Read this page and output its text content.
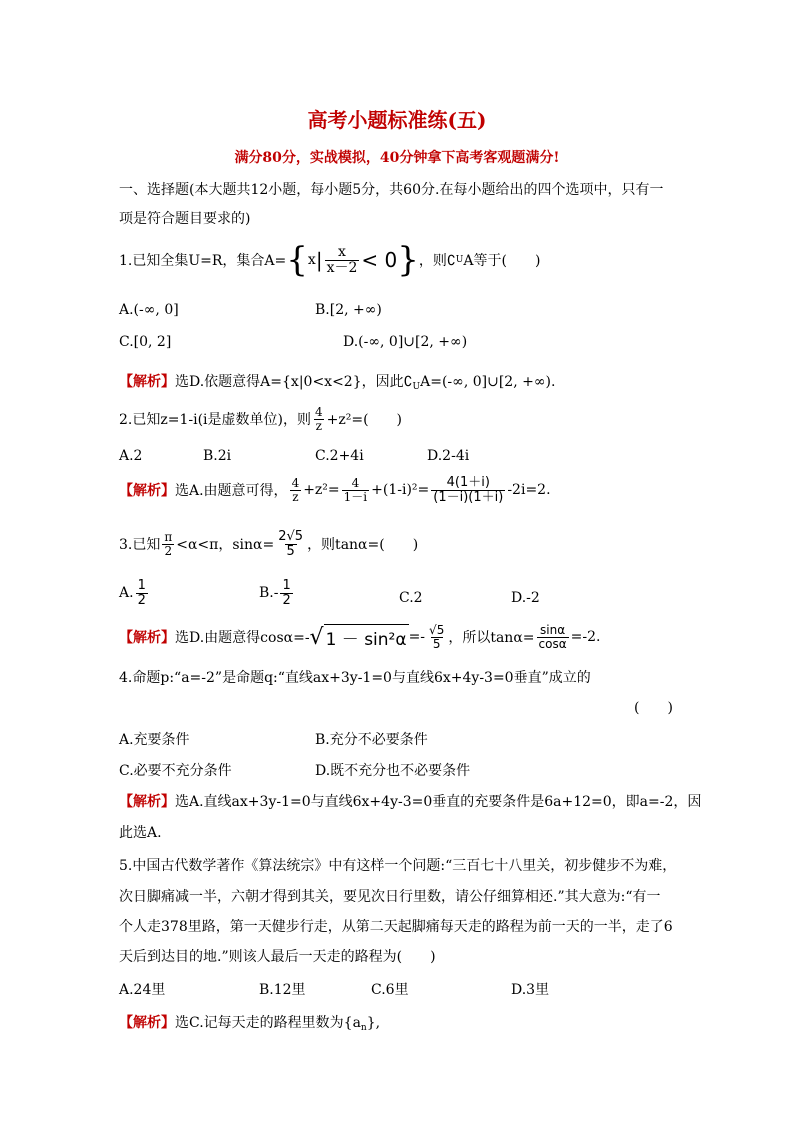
高考小题标准练(五)
满分80分，实战模拟，40分钟拿下高考客观题满分!
一、选择题(本大题共12小题，每小题5分，共60分.在每小题给出的四个选项中，只有一
项是符合题目要求的)
1.已知全集U=R，集合A= { x | $\frac{x}{x-2} < 0$ } ，则∁ U A等于(　　)
A.(-∞, 0]	B.[2, +∞)
C.[0, 2]	D.(-∞, 0]∪[2, +∞)
【解析】选D.依题意得A={x|0<x<2}，因此$∁_UA=(-\infty$, 0]∪[2, +∞).
2.已知z=1-i(i是虚数单位)，则 $\frac{4}{z} +z^2=$(　　)
A.2	B.2i	C.2+4i	D.2-4i
【解析】 选A.由题意可得， $\frac{4}{z} +z^2= \frac{4}{1-i} +(1-i)^2= \frac{4(1+i)}{(1-i)(1+i)} -2i=2$.
3.已知 $\frac{\pi}{2} <\alpha<\pi$，$\sin\alpha= \frac{2√5}{5}$ ，则tanα=(　　)
A. $\frac{1}{2}$	$B.- \frac{1}{2}$	C.2	D.-2
【解析】 选D.由题意得cosα=- √ $1 - \sin^2\alpha =- \frac{√5}{5}$ ，所以$\tan\alpha= \frac{\sin\alpha}{\cos\alpha} =-2$.
4.命题p:“a=-2”是命题q:“直线ax+3y-1=0与直线6x+4y-3=0垂直”成立的
(　　)
A.充要条件	B.充分不必要条件
C.必要不充分条件	D.既不充分也不必要条件
【解析】选A.直线ax+3y-1=0与直线6x+4y-3=0垂直的充要条件是6a+12=0，即a=-2，因
此选A.
5.中国古代数学著作《算法统宗》中有这样一个问题:“三百七十八里关，初步健步不为难，
次日脚痛减一半，六朝才得到其关，要见次日行里数，请公仔细算相还.”其大意为:“有一
个人走378里路，第一天健步行走，从第二天起脚痛每天走的路程为前一天的一半，走了6
天后到达目的地.”则该人最后一天走的路程为(　　)
A.24里	B.12里	C.6里	D.3里
【解析】选C.记每天走的路程里数为$\{a_n\}$,
